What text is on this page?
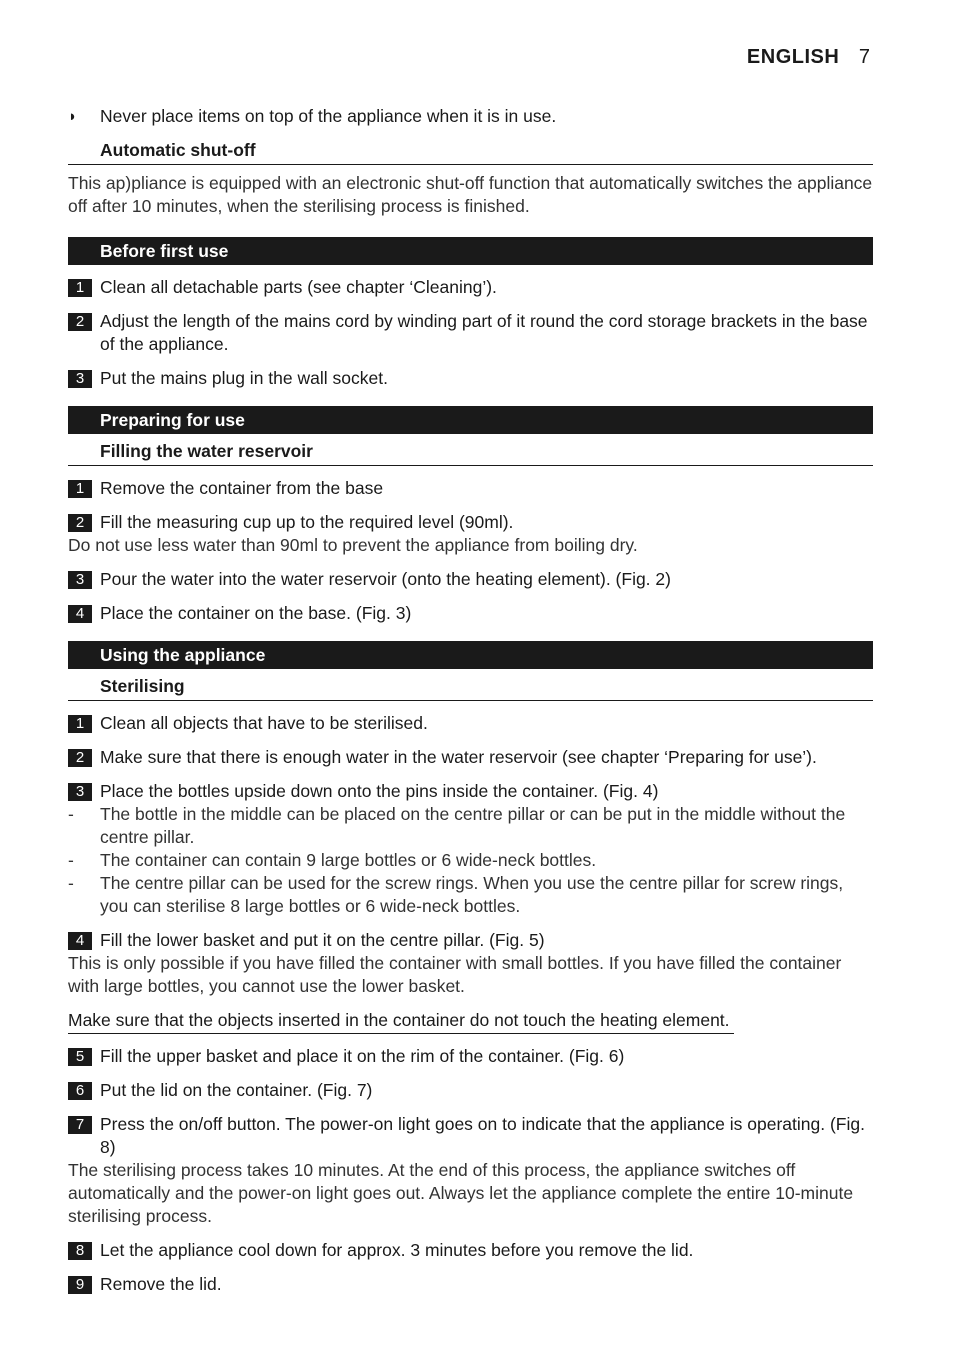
ENGLISH 7
◗ Never place items on top of the appliance when it is in use.
Automatic shut-off
This ap)pliance is equipped with an electronic shut-off function that automatically switches the appliance off after 10 minutes, when the sterilising process is finished.
Before first use
1 Clean all detachable parts (see chapter ‘Cleaning’).
2 Adjust the length of the mains cord by winding part of it round the cord storage brackets in the base of the appliance.
3 Put the mains plug in the wall socket.
Preparing for use
Filling the water reservoir
1 Remove the container from the base
2 Fill the measuring cup up to the required level (90ml).
Do not use less water than 90ml to prevent the appliance from boiling dry.
3 Pour the water into the water reservoir (onto the heating element). (Fig. 2)
4 Place the container on the base. (Fig. 3)
Using the appliance
Sterilising
1 Clean all objects that have to be sterilised.
2 Make sure that there is enough water in the water reservoir (see chapter ‘Preparing for use’).
3 Place the bottles upside down onto the pins inside the container. (Fig. 4)
- The bottle in the middle can be placed on the centre pillar or can be put in the middle without the centre pillar.
- The container can contain 9 large bottles or 6 wide-neck bottles.
- The centre pillar can be used for the screw rings. When you use the centre pillar for screw rings, you can sterilise 8 large bottles or 6 wide-neck bottles.
4 Fill the lower basket and put it on the centre pillar. (Fig. 5)
This is only possible if you have filled the container with small bottles. If you have filled the container with large bottles, you cannot use the lower basket.
Make sure that the objects inserted in the container do not touch the heating element.
5 Fill the upper basket and place it on the rim of the container. (Fig. 6)
6 Put the lid on the container. (Fig. 7)
7 Press the on/off button. The power-on light goes on to indicate that the appliance is operating. (Fig. 8)
The sterilising process takes 10 minutes. At the end of this process, the appliance switches off automatically and the power-on light goes out. Always let the appliance complete the entire 10-minute sterilising process.
8 Let the appliance cool down for approx. 3 minutes before you remove the lid.
9 Remove the lid.
